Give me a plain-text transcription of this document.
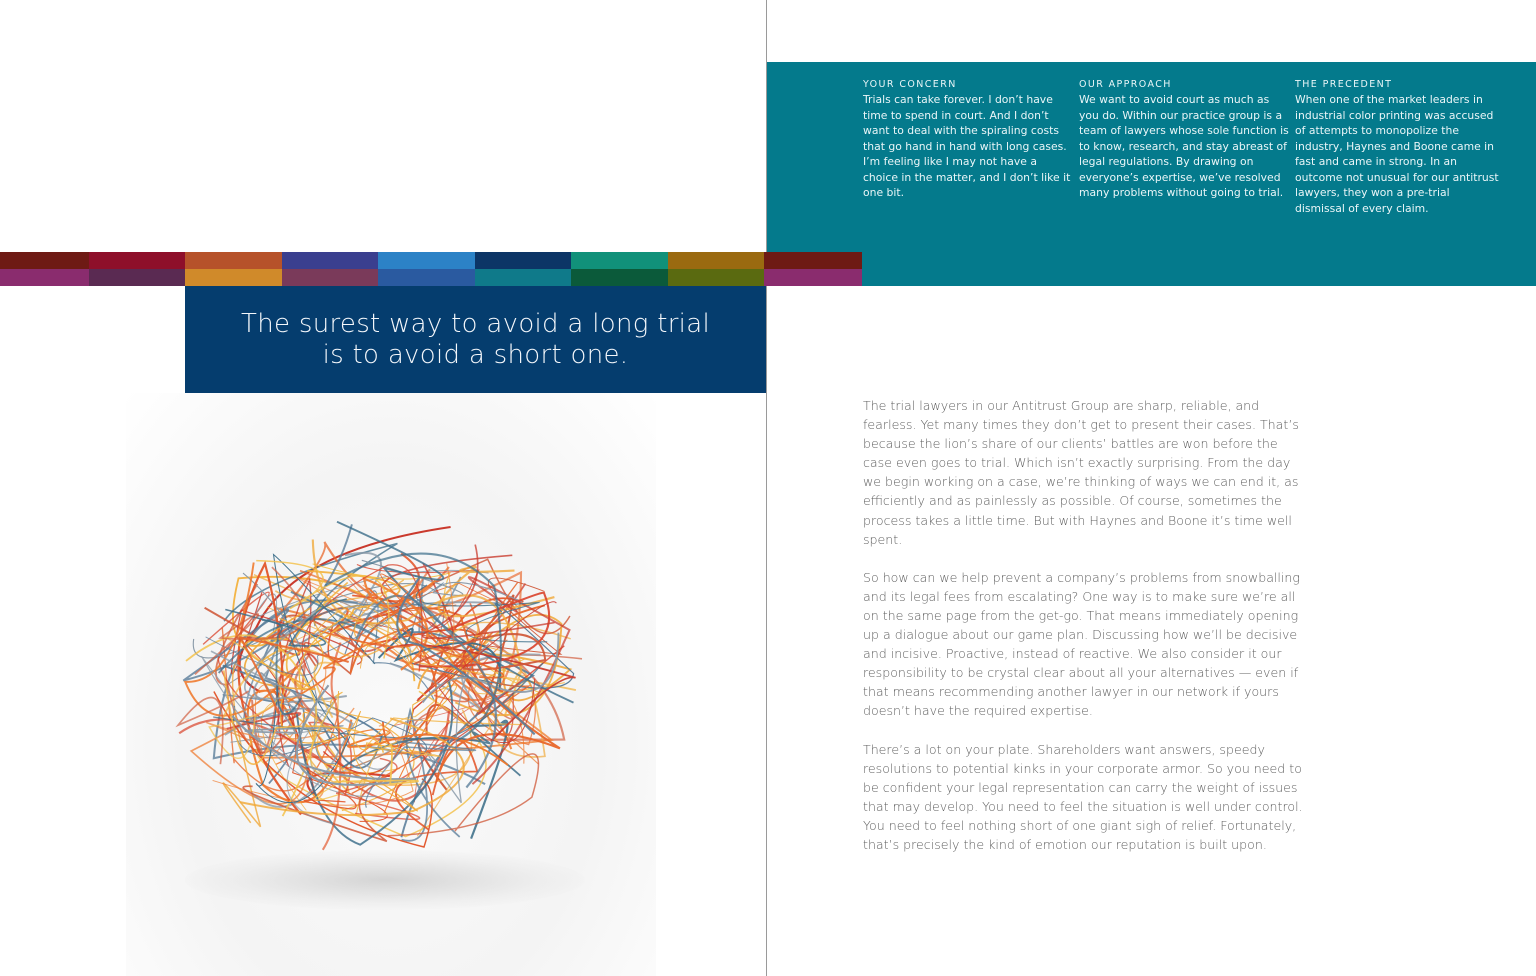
YOUR CONCERN
Trials can take forever. I don’t have time to spend in court. And I don’t want to deal with the spiraling costs that go hand in hand with long cases. I’m feeling like I may not have a choice in the matter, and I don’t like it one bit.
OUR APPROACH
We want to avoid court as much as you do. Within our practice group is a team of lawyers whose sole function is to know, research, and stay abreast of legal regulations. By drawing on everyone’s expertise, we’ve resolved many problems without going to trial.
THE PRECEDENT
When one of the market leaders in industrial color printing was accused of attempts to monopolize the industry, Haynes and Boone came in fast and came in strong. In an outcome not unusual for our antitrust lawyers, they won a pre-trial dismissal of every claim.

The surest way to avoid a long trial
is to avoid a short one.

The trial lawyers in our Antitrust Group are sharp, reliable, and fearless. Yet many times they don’t get to present their cases. That’s because the lion’s share of our clients’ battles are won before the case even goes to trial. Which isn’t exactly surprising. From the day we begin working on a case, we’re thinking of ways we can end it, as efficiently and as painlessly as possible. Of course, sometimes the process takes a little time. But with Haynes and Boone it’s time well spent.

So how can we help prevent a company’s problems from snowballing and its legal fees from escalating? One way is to make sure we’re all on the same page from the get-go. That means immediately opening up a dialogue about our game plan. Discussing how we’ll be decisive and incisive. Proactive, instead of reactive. We also consider it our responsibility to be crystal clear about all your alternatives — even if that means recommending another lawyer in our network if yours doesn’t have the required expertise.

There’s a lot on your plate. Shareholders want answers, speedy resolutions to potential kinks in your corporate armor. So you need to be confident your legal representation can carry the weight of issues that may develop. You need to feel the situation is well under control. You need to feel nothing short of one giant sigh of relief. Fortunately, that’s precisely the kind of emotion our reputation is built upon.
